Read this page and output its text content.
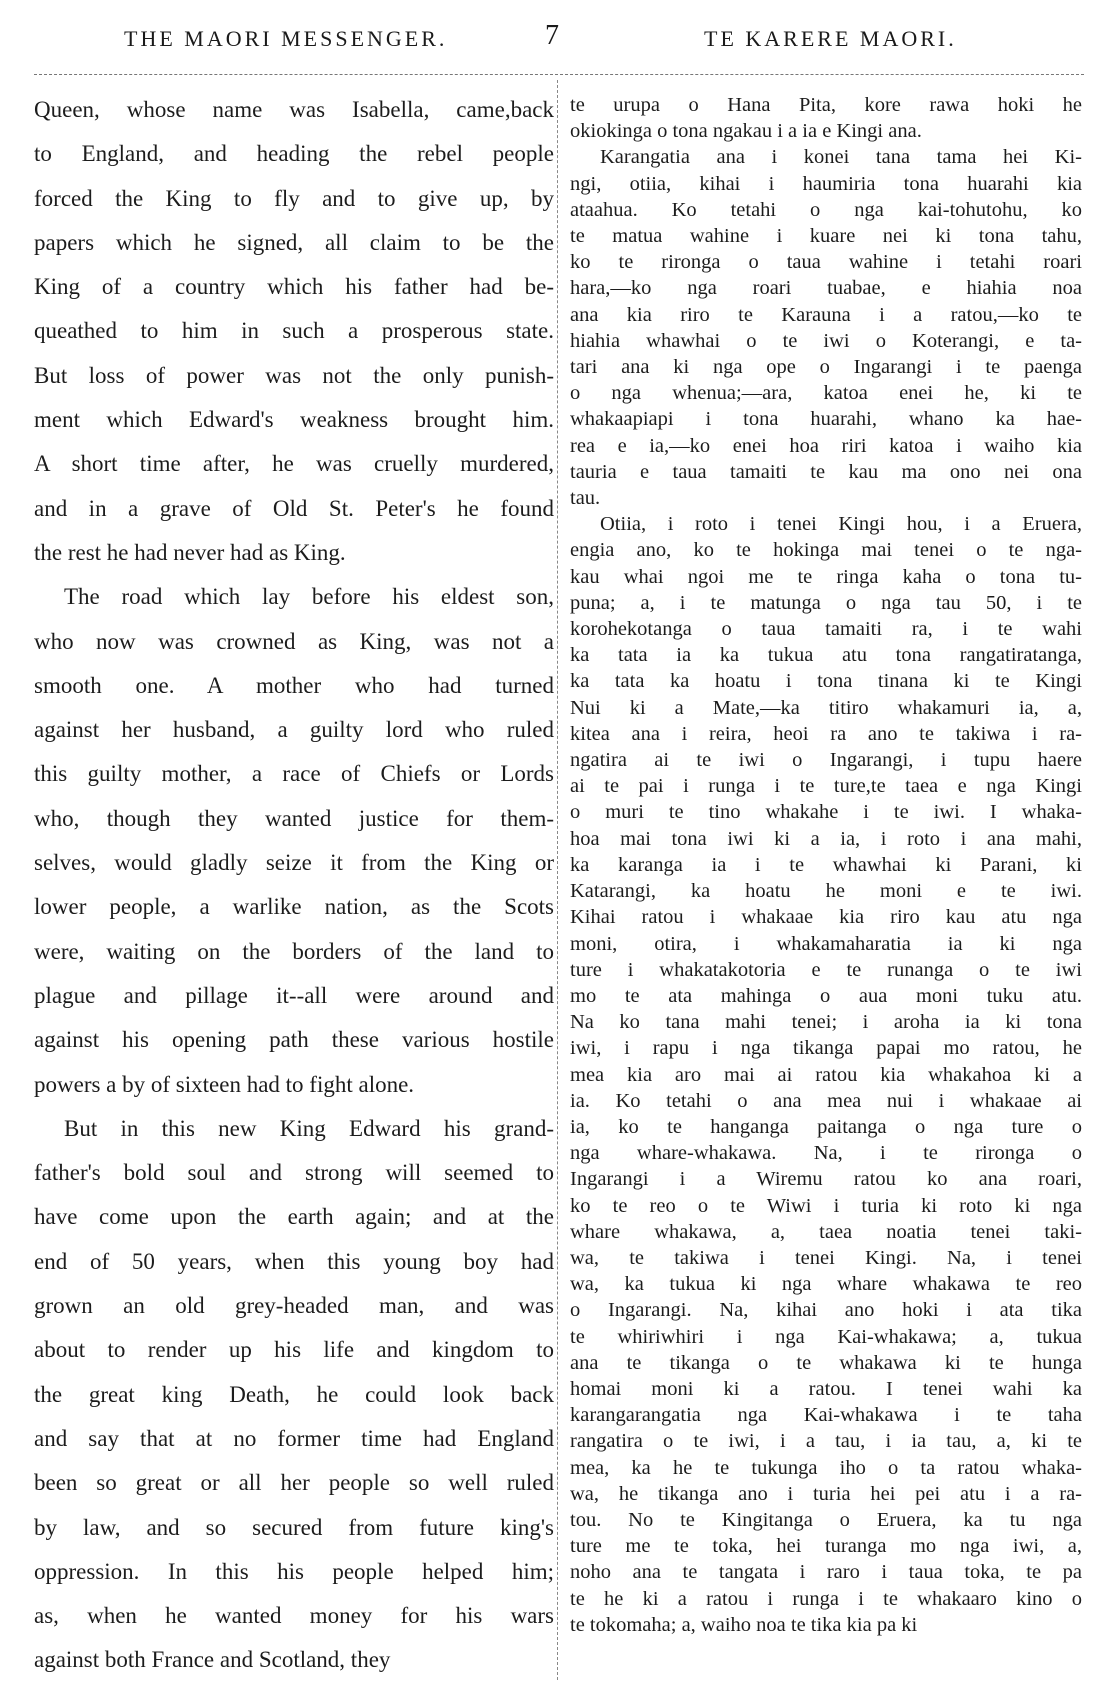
THE MAORI MESSENGER.	7	TE KARERE MAORI.

Queen, whose name was Isabella, came,back
to England, and heading the rebel people
forced the King to fly and to give up, by
papers which he signed, all claim to be the
King of a country which his father had be-
queathed to him in such a prosperous state.
But loss of power was not the only punish-
ment which Edward's weakness brought him.
A short time after, he was cruelly murdered,
and in a grave of Old St. Peter's he found
the rest he had never had as King.

The road which lay before his eldest son,
who now was crowned as King, was not a
smooth one. A mother who had turned
against her husband, a guilty lord who ruled
this guilty mother, a race of Chiefs or Lords
who, though they wanted justice for them-
selves, would gladly seize it from the King or
lower people, a warlike nation, as the Scots
were, waiting on the borders of the land to
plague and pillage it--all were around and
against his opening path these various hostile
powers a by of sixteen had to fight alone.

But in this new King Edward his grand-
father's bold soul and strong will seemed to
have come upon the earth again; and at the
end of 50 years, when this young boy had
grown an old grey-headed man, and was
about to render up his life and kingdom to
the great king Death, he could look back
and say that at no former time had England
been so great or all her people so well ruled
by law, and so secured from future king's
oppression. In this his people helped him;
as, when he wanted money for his wars
against both France and Scotland, they

te urupa o Hana Pita, kore rawa hoki he
okiokinga o tona ngakau i a ia e Kingi ana.

Karangatia ana i konei tana tama hei Ki-
ngi, otiia, kihai i haumiria tona huarahi kia
ataahua. Ko tetahi o nga kai-tohutohu, ko
te matua wahine i kuare nei ki tona tahu,
ko te rironga o taua wahine i tetahi roari
hara,—ko nga roari tuabae, e hiahia noa
ana kia riro te Karauna i a ratou,—ko te
hiahia whawhai o te iwi o Koterangi, e ta-
tari ana ki nga ope o Ingarangi i te paenga
o nga whenua;—ara, katoa enei he, ki te
whakaapiapi i tona huarahi, whano ka hae-
rea e ia,—ko enei hoa riri katoa i waiho kia
tauria e taua tamaiti te kau ma ono nei ona
tau.

Otiia, i roto i tenei Kingi hou, i a Eruera,
engia ano, ko te hokinga mai tenei o te nga-
kau whai ngoi me te ringa kaha o tona tu-
puna; a, i te matunga o nga tau 50, i te
korohekotanga o taua tamaiti ra, i te wahi
ka tata ia ka tukua atu tona rangatiratanga,
ka tata ka hoatu i tona tinana ki te Kingi
Nui ki a Mate,—ka titiro whakamuri ia, a,
kitea ana i reira, heoi ra ano te takiwa i ra-
ngatira ai te iwi o Ingarangi, i tupu haere
ai te pai i runga i te ture,te taea e nga Kingi
o muri te tino whakahe i te iwi. I whaka-
hoa mai tona iwi ki a ia, i roto i ana mahi,
ka karanga ia i te whawhai ki Parani, ki
Katarangi, ka hoatu he moni e te iwi.
Kihai ratou i whakaae kia riro kau atu nga
moni, otira, i whakamaharatia ia ki nga
ture i whakatakotoria e te runanga o te iwi
mo te ata mahinga o aua moni tuku atu.
Na ko tana mahi tenei; i aroha ia ki tona
iwi, i rapu i nga tikanga papai mo ratou, he
mea kia aro mai ai ratou kia whakahoa ki a
ia. Ko tetahi o ana mea nui i whakaae ai
ia, ko te hanganga paitanga o nga ture o
nga whare-whakawa. Na, i te rironga o
Ingarangi i a Wiremu ratou ko ana roari,
ko te reo o te Wiwi i turia ki roto ki nga
whare whakawa, a, taea noatia tenei taki-
wa, te takiwa i tenei Kingi. Na, i tenei
wa, ka tukua ki nga whare whakawa te reo
o Ingarangi. Na, kihai ano hoki i ata tika
te whiriwhiri i nga Kai-whakawa; a, tukua
ana te tikanga o te whakawa ki te hunga
homai moni ki a ratou. I tenei wahi ka
karangarangatia nga Kai-whakawa i te taha
rangatira o te iwi, i a tau, i ia tau, a, ki te
mea, ka he te tukunga iho o ta ratou whaka-
wa, he tikanga ano i turia hei pei atu i a ra-
tou. No te Kingitanga o Eruera, ka tu nga
ture me te toka, hei turanga mo nga iwi, a,
noho ana te tangata i raro i taua toka, te pa
te he ki a ratou i runga i te whakaaro kino o
te tokomaha; a, waiho noa te tika kia pa ki
